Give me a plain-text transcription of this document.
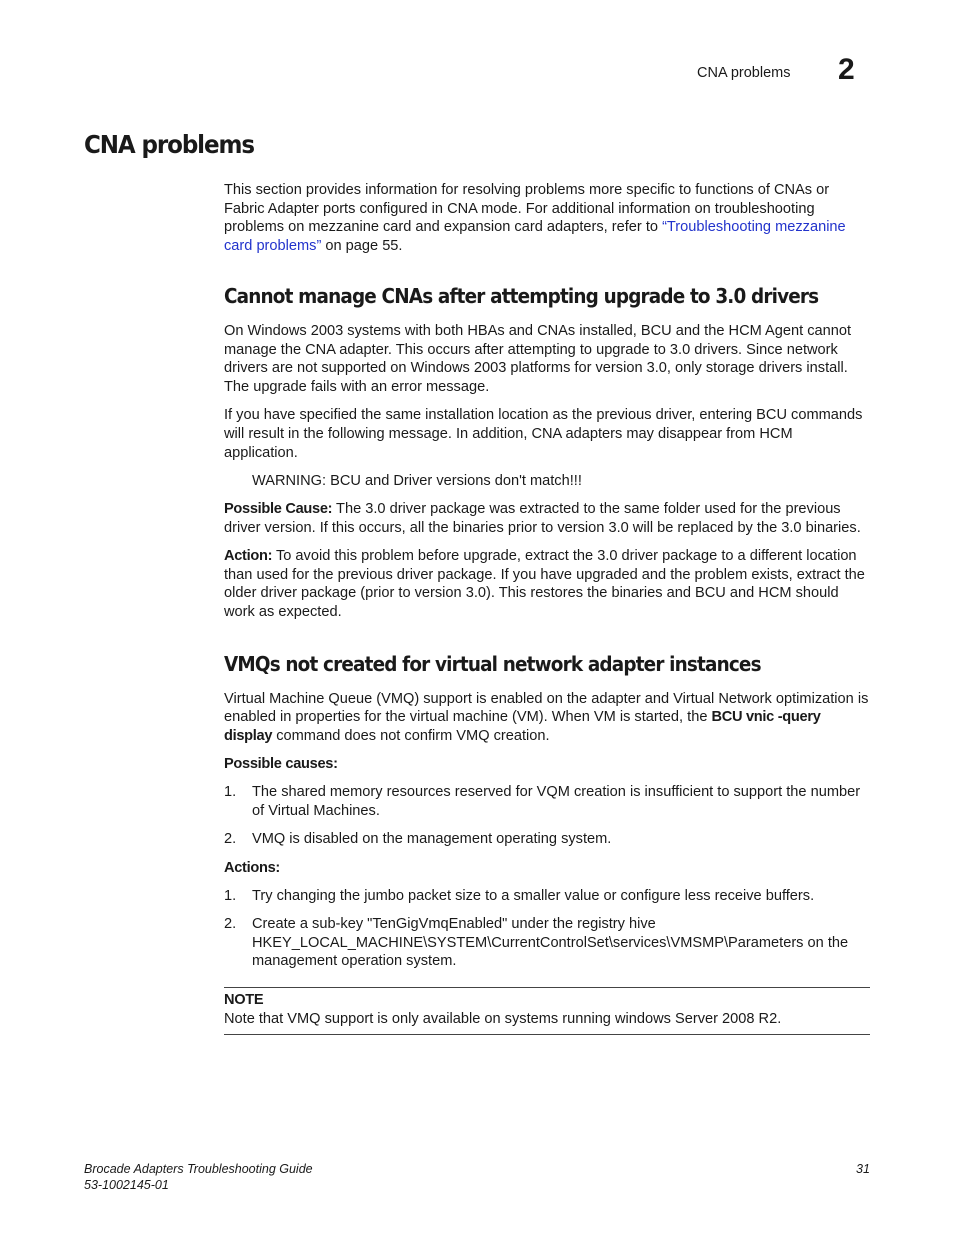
CNA problems 2
CNA problems

This section provides information for resolving problems more specific to functions of CNAs or Fabric Adapter ports configured in CNA mode. For additional information on troubleshooting problems on mezzanine card and expansion card adapters, refer to “Troubleshooting mezzanine card problems” on page 55.

Cannot manage CNAs after attempting upgrade to 3.0 drivers

On Windows 2003 systems with both HBAs and CNAs installed, BCU and the HCM Agent cannot manage the CNA adapter. This occurs after attempting to upgrade to 3.0 drivers. Since network drivers are not supported on Windows 2003 platforms for version 3.0, only storage drivers install. The upgrade fails with an error message.

If you have specified the same installation location as the previous driver, entering BCU commands will result in the following message. In addition, CNA adapters may disappear from HCM application.

WARNING: BCU and Driver versions don't match!!!

Possible Cause: The 3.0 driver package was extracted to the same folder used for the previous driver version. If this occurs, all the binaries prior to version 3.0 will be replaced by the 3.0 binaries.

Action: To avoid this problem before upgrade, extract the 3.0 driver package to a different location than used for the previous driver package. If you have upgraded and the problem exists, extract the older driver package (prior to version 3.0). This restores the binaries and BCU and HCM should work as expected.

VMQs not created for virtual network adapter instances

Virtual Machine Queue (VMQ) support is enabled on the adapter and Virtual Network optimization is enabled in properties for the virtual machine (VM). When VM is started, the BCU vnic -query display command does not confirm VMQ creation.

Possible causes:
1. The shared memory resources reserved for VQM creation is insufficient to support the number of Virtual Machines.
2. VMQ is disabled on the management operating system.
Actions:
1. Try changing the jumbo packet size to a smaller value or configure less receive buffers.
2. Create a sub-key "TenGigVmqEnabled" under the registry hive HKEY_LOCAL_MACHINE\SYSTEM\CurrentControlSet\services\VMSMP\Parameters on the management operation system.
NOTE
Note that VMQ support is only available on systems running windows Server 2008 R2.
Brocade Adapters Troubleshooting Guide
53-1002145-01
31
